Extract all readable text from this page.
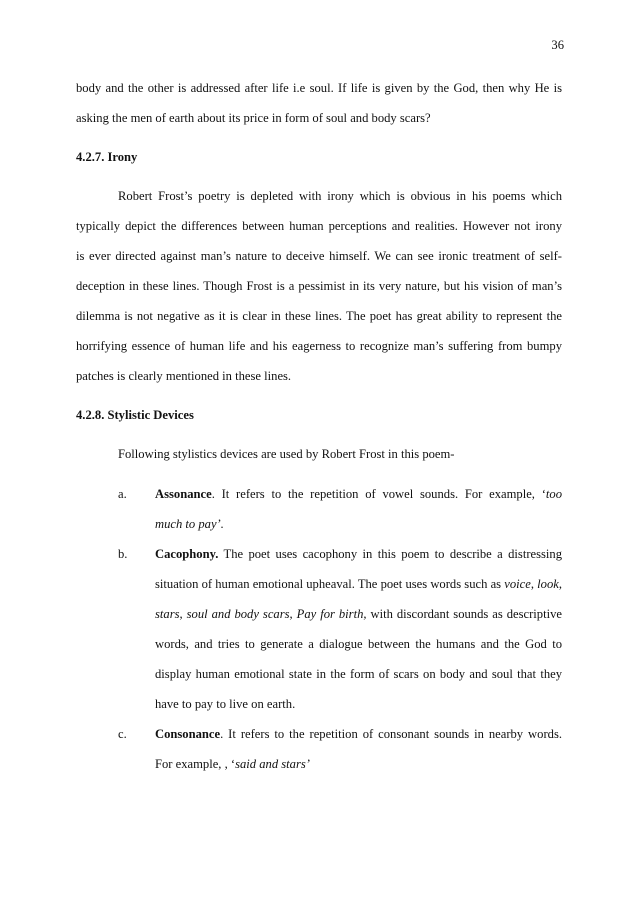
36
body and the other is addressed after life i.e soul. If life is given by the God, then why He is
asking the men of earth about its price in form of soul and body scars?
4.2.7. Irony
Robert Frost’s poetry is depleted with irony which is obvious in his poems which
typically depict the differences between human perceptions and realities. However not irony
is ever directed against man’s nature to deceive himself. We can see ironic treatment of self-
deception in these lines. Though Frost is a pessimist in its very nature, but his vision of man’s
dilemma is not negative as it is clear in these lines. The poet has great ability to represent the
horrifying essence of human life and his eagerness to recognize man’s suffering from bumpy
patches is clearly mentioned in these lines.
4.2.8. Stylistic Devices
Following stylistics devices are used by Robert Frost in this poem-
a. Assonance. It refers to the repetition of vowel sounds. For example, ‘too
much to pay’.
b. Cacophony. The poet uses cacophony in this poem to describe a distressing
situation of human emotional upheaval. The poet uses words such as voice, look,
stars, soul and body scars, Pay for birth, with discordant sounds as descriptive
words, and tries to generate a dialogue between the humans and the God to
display human emotional state in the form of scars on body and soul that they
have to pay to live on earth.
c. Consonance. It refers to the repetition of consonant sounds in nearby words.
For example, , ‘said and stars’
